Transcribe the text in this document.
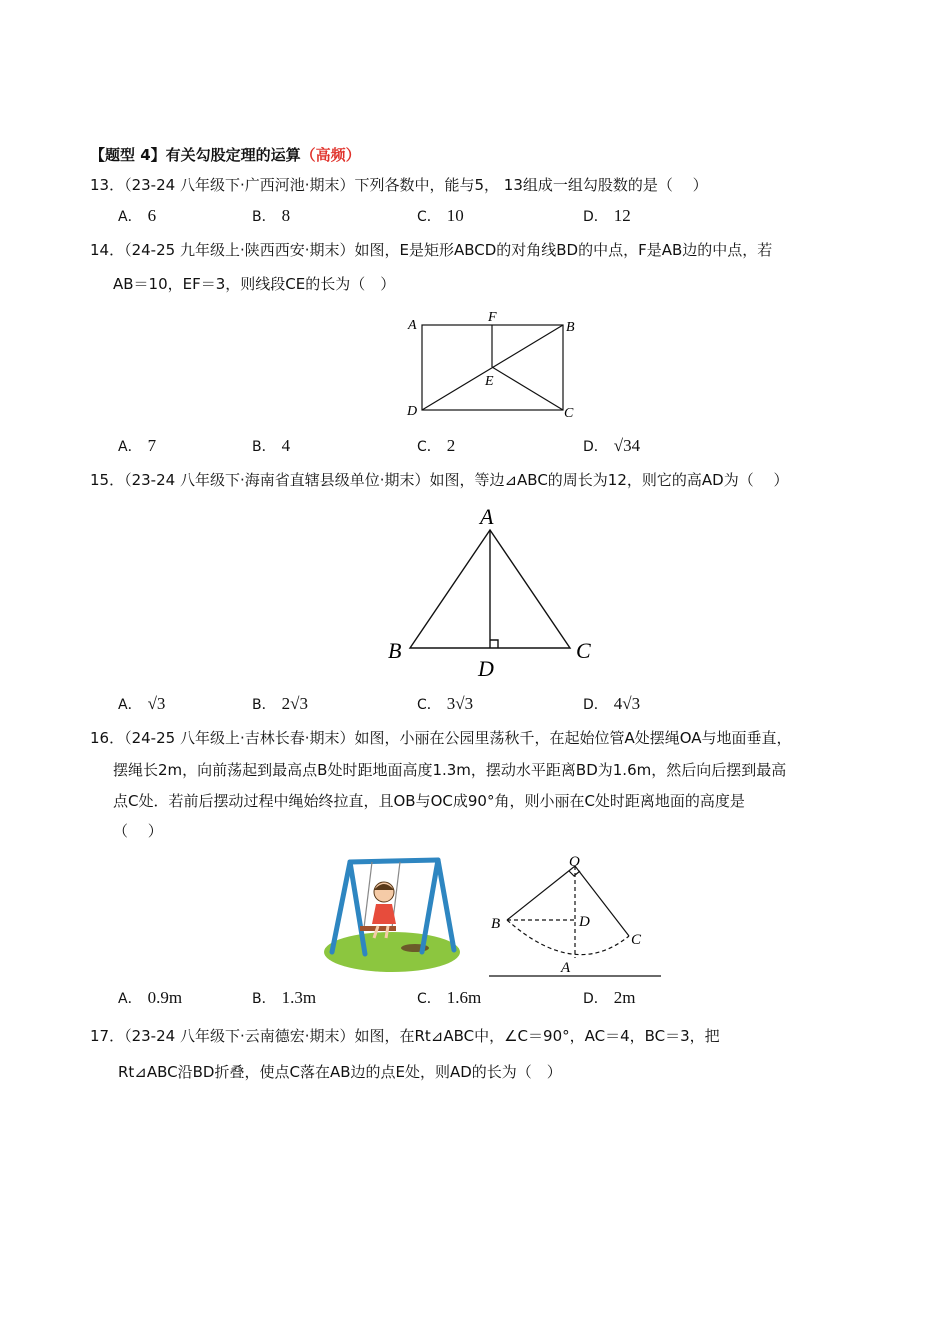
【题型 4】有关勾股定理的运算（高频）
13．（23-24 八年级下·广西河池·期末）下列各数中，能与5， 13组成一组勾股数的是（　 ）
A． 6	B． 8	C． 10	D． 12
14．（24-25 九年级上·陕西西安·期末）如图，E是矩形ABCD的对角线BD的中点，F是AB边的中点，若
AB＝10，EF＝3，则线段CE的长为（　）
A
F
B
E
D	C
A． 7	B． 4	C． 2	D． √34
15．（23-24 八年级下·海南省直辖县级单位·期末）如图，等边⊿ABC的周长为12，则它的高AD为（　 ）
A
B	C
D
A． √3	B． 2√3	C． 3√3	D． 4√3
16．（24-25 八年级上·吉林长春·期末）如图，小丽在公园里荡秋千，在起始位管A处摆绳OA与地面垂直，
摆绳长2m，向前荡起到最高点B处时距地面高度1.3m，摆动水平距离BD为1.6m，然后向后摆到最高
点C处．若前后摆动过程中绳始终拉直，且OB与OC成90°角，则小丽在C处时距离地面的高度是
（　 ）
O
B	D
C
A
A． 0.9m	B． 1.3m	C． 1.6m	D． 2m
17．（23-24 八年级下·云南德宏·期末）如图，在Rt⊿ABC中，∠C＝90°，AC＝4，BC＝3，把
Rt⊿ABC沿BD折叠，使点C落在AB边的点E处，则AD的长为（　）
